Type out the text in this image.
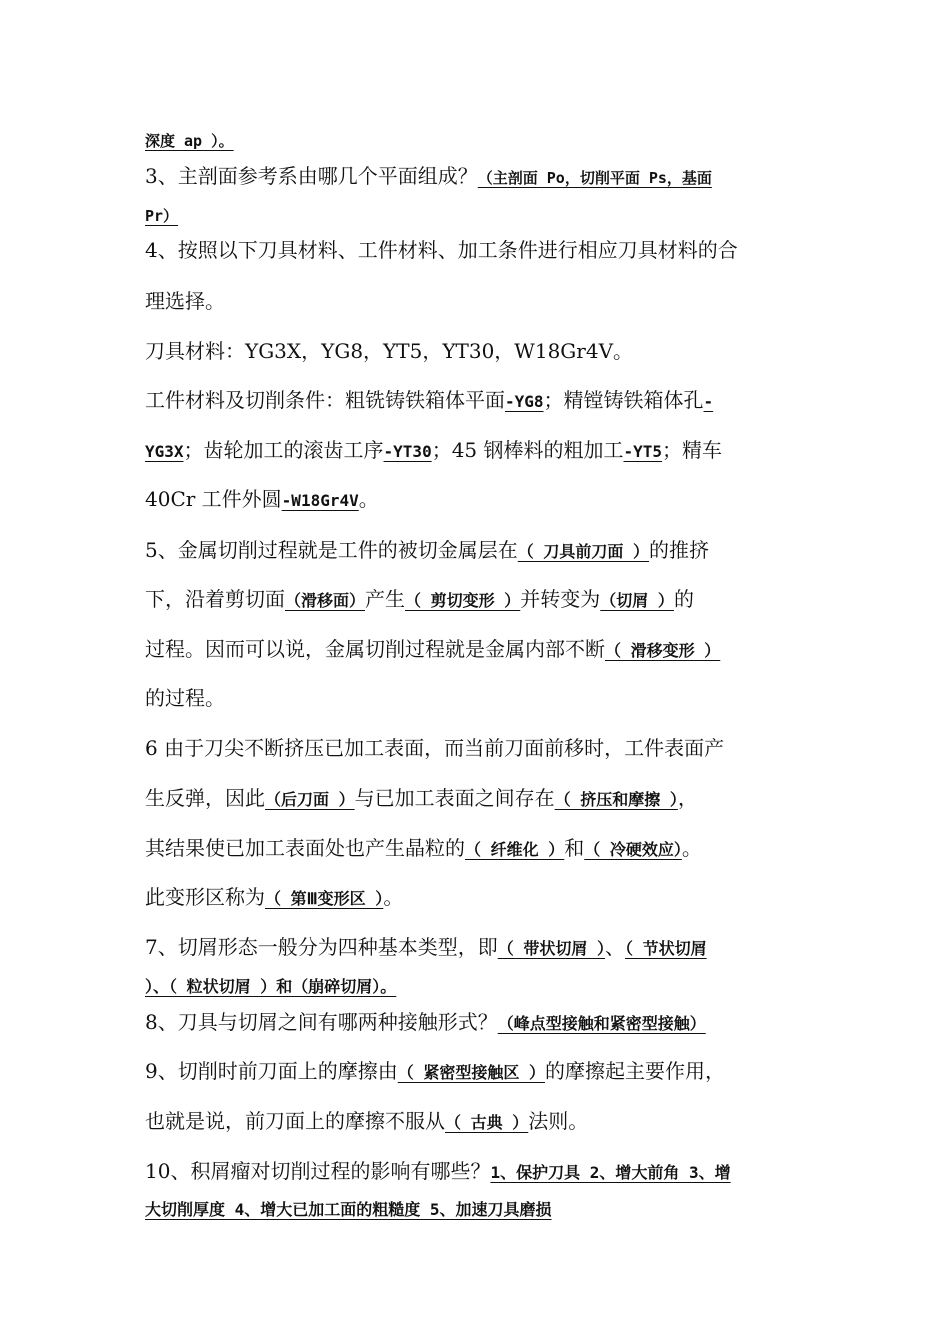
深度 ap ）。
3、主剖面参考系由哪几个平面组成？（主剖面 Po，切削平面 Ps，基面
Pr）
4、按照以下刀具材料、工件材料、加工条件进行相应刀具材料的合
理选择。
刀具材料：YG3X，YG8，YT5，YT30，W18Gr4V。
工件材料及切削条件：粗铣铸铁箱体平面-YG8；精镗铸铁箱体孔-
YG3X；齿轮加工的滚齿工序-YT30；45 钢棒料的粗加工-YT5；精车
40Cr 工件外圆-W18Gr4V。
5、金属切削过程就是工件的被切金属层在（ 刀具前刀面 ）的推挤
下，沿着剪切面（滑移面）产生（ 剪切变形 ）并转变为（切屑 ）的
过程。因而可以说，金属切削过程就是金属内部不断（ 滑移变形 ）
的过程。
6 由于刀尖不断挤压已加工表面，而当前刀面前移时，工件表面产
生反弹，因此（后刀面 ）与已加工表面之间存在（ 挤压和摩擦 ），
其结果使已加工表面处也产生晶粒的（ 纤维化 ）和（ 冷硬效应）。
此变形区称为（ 第Ⅲ变形区 ）。
7、切屑形态一般分为四种基本类型，即（ 带状切屑 ）、（ 节状切屑
）、（ 粒状切屑 ）和（崩碎切屑）。
8、刀具与切屑之间有哪两种接触形式？（峰点型接触和紧密型接触）
9、切削时前刀面上的摩擦由（ 紧密型接触区 ）的摩擦起主要作用，
也就是说，前刀面上的摩擦不服从（ 古典 ）法则。
10、积屑瘤对切削过程的影响有哪些？1、保护刀具 2、增大前角 3、增
大切削厚度 4、增大已加工面的粗糙度 5、加速刀具磨损
